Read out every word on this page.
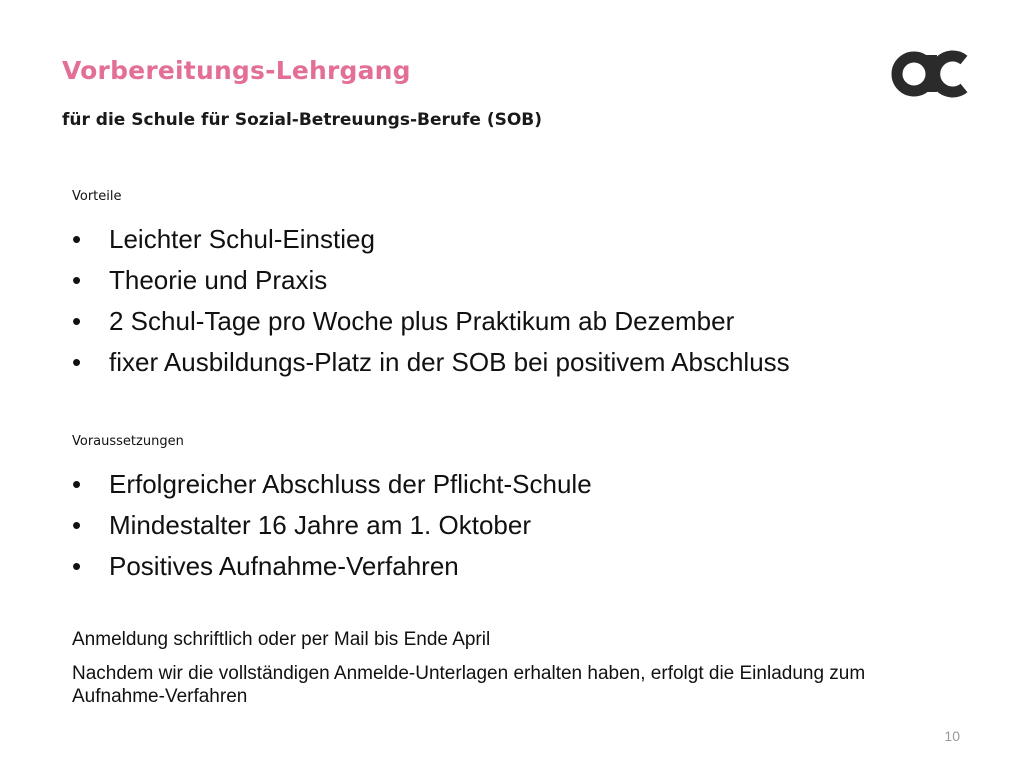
Vorbereitungs-Lehrgang
für die Schule für Sozial-Betreuungs-Berufe (SOB)
Vorteile
• Leichter Schul-Einstieg
• Theorie und Praxis
• 2 Schul-Tage pro Woche plus Praktikum ab Dezember
• fixer Ausbildungs-Platz in der SOB bei positivem Abschluss
Voraussetzungen
• Erfolgreicher Abschluss der Pflicht-Schule
• Mindestalter 16 Jahre am 1. Oktober
• Positives Aufnahme-Verfahren
Anmeldung schriftlich oder per Mail bis Ende April
Nachdem wir die vollständigen Anmelde-Unterlagen erhalten haben, erfolgt die Einladung zum Aufnahme-Verfahren
10
